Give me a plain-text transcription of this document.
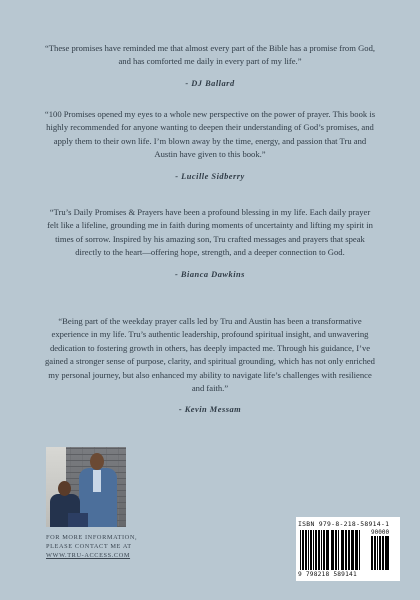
“These promises have reminded me that almost every part of the Bible has a promise from God, and has comforted me daily in every part of my life.”

- DJ Ballard

“100 Promises opened my eyes to a whole new perspective on the power of prayer. This book is highly recommended for anyone wanting to deepen their understanding of God’s promises, and apply them to their own life. I’m blown away by the time, energy, and passion that Tru and Austin have given to this book.”

- Lucille Sidberry

“Tru’s Daily Promises & Prayers have been a profound blessing in my life. Each daily prayer felt like a lifeline, grounding me in faith during moments of uncertainty and lifting my spirit in times of sorrow. Inspired by his amazing son, Tru crafted messages and prayers that speak directly to the heart—offering hope, strength, and a deeper connection to God.

- Bianca Dawkins

“Being part of the weekday prayer calls led by Tru and Austin has been a transformative experience in my life. Tru’s authentic leadership, profound spiritual insight, and unwavering dedication to fostering growth in others, has deeply impacted me. Through his guidance, I’ve gained a stronger sense of purpose, clarity, and spiritual grounding, which has not only enriched my personal journey, but also enhanced my ability to navigate life’s challenges with resilience and faith.”

- Kevin Messam
FOR MORE INFORMATION,
PLEASE CONTACT ME AT
WWW.TRU-ACCESS.COM
ISBN 979-8-218-58914-1
90000
9 798218 589141
